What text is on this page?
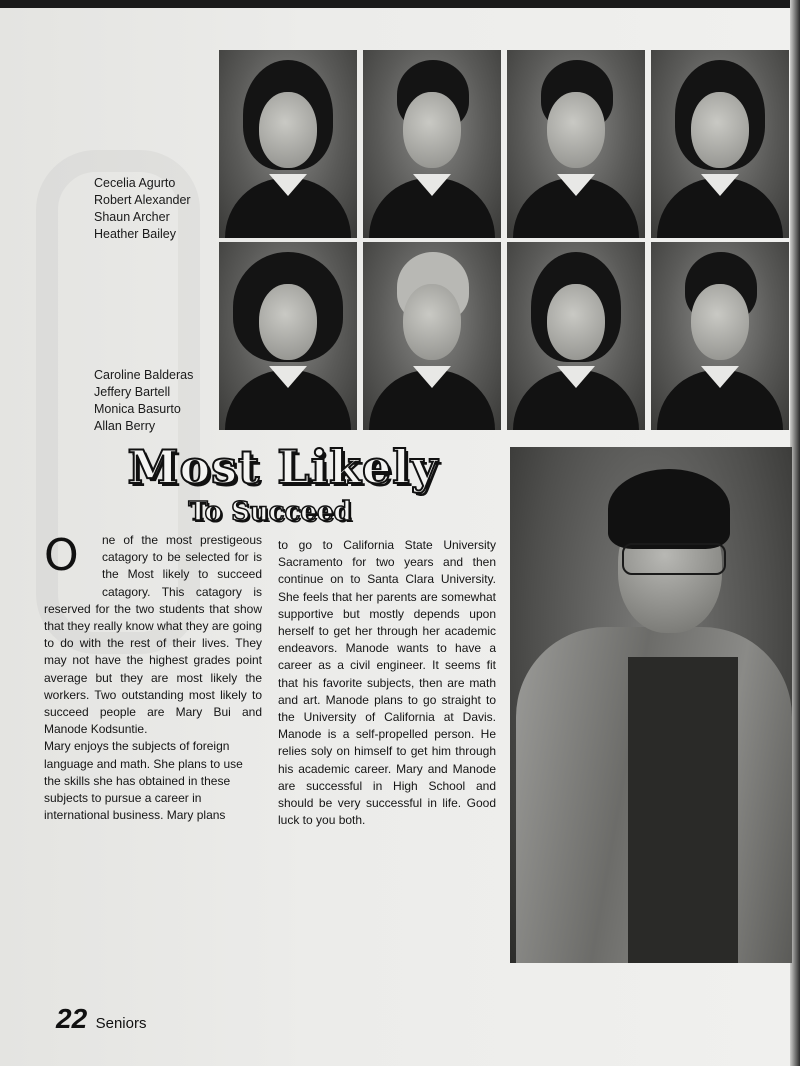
Cecelia Agurto
Robert Alexander
Shaun Archer
Heather Bailey
Caroline Balderas
Jeffery Bartell
Monica Basurto
Allan Berry
Most Likely
To Succeed
O	ne of the most prestigeous catagory to be selected for is the Most likely to succeed catagory. This catagory is reserved for the two students that show that they really know what they are going to do with the rest of their lives. They may not have the highest grades point average but they are most likely the workers. Two outstanding most likely to succeed people are Mary Bui and Manode Kodsuntie.

Mary enjoys the subjects of foreign language and math. She plans to use the skills she has obtained in these subjects to pursue a career in international business. Mary plans

to go to California State University Sacramento for two years and then continue on to Santa Clara University. She feels that her parents are somewhat supportive but mostly depends upon herself to get her through her academic endeavors. Manode wants to have a career as a civil engineer. It seems fit that his favorite subjects, then are math and art. Manode plans to go straight to the University of California at Davis. Manode is a self-propelled person. He relies soly on himself to get him through his academic career. Mary and Manode are successful in High School and should be very successful in life. Good luck to you both.

22 Seniors
